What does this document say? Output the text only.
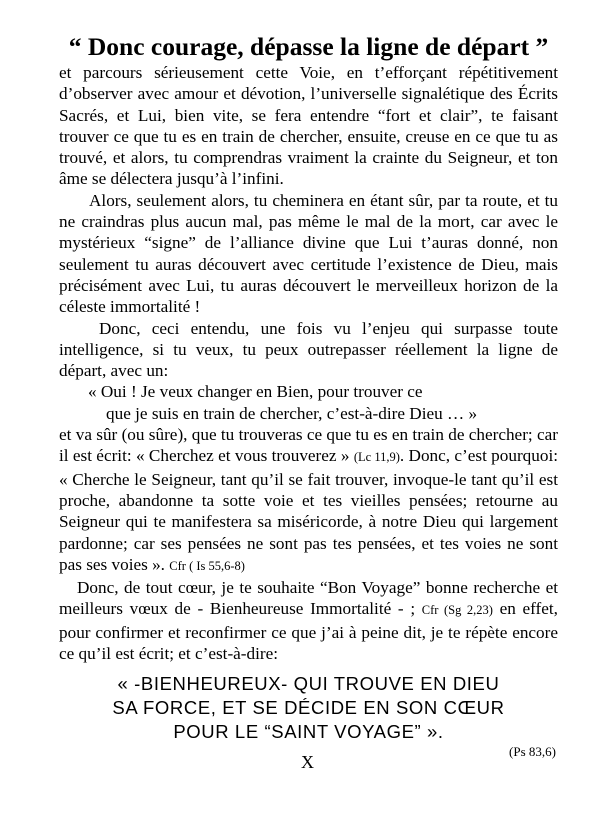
“ Donc courage, dépasse la ligne de départ ”

et parcours sérieusement cette Voie, en t’efforçant répétitivement d’observer avec amour et dévotion, l’universelle signalétique des Écrits Sacrés, et Lui, bien vite, se fera entendre “fort et clair”, te faisant trouver ce que tu es en train de chercher, ensuite, creuse en ce que tu as trouvé, et alors, tu comprendras vraiment la crainte du Seigneur, et ton âme se délectera jusqu’à l’infini.

Alors, seulement alors, tu cheminera en étant sûr, par ta route, et tu ne craindras plus aucun mal, pas même le mal de la mort, car avec le mystérieux “signe” de l’alliance divine que Lui t’auras donné, non seulement tu auras découvert avec certitude l’existence de Dieu, mais précisément avec Lui, tu auras découvert le merveilleux horizon de la céleste immortalité !

Donc, ceci entendu, une fois vu l’enjeu qui surpasse toute intelligence, si tu veux, tu peux outrepasser réellement la ligne de départ, avec un:

« Oui ! Je veux changer en Bien, pour trouver ce
que je suis en train de chercher, c’est-à-dire Dieu … »

et va sûr (ou sûre), que tu trouveras ce que tu es en train de chercher; car il est écrit: « Cherchez et vous trouverez » (Lc 11,9). Donc, c’est pourquoi: « Cherche le Seigneur, tant qu’il se fait trouver, invoque-le tant qu’il est proche, abandonne ta sotte voie et tes vieilles pensées; retourne au Seigneur qui te manifestera sa miséricorde, à notre Dieu qui largement pardonne; car ses pensées ne sont pas tes pensées, et tes voies ne sont pas ses voies ». Cfr ( Is 55,6-8)

Donc, de tout cœur, je te souhaite “Bon Voyage” bonne recherche et meilleurs vœux de - Bienheureuse Immortalité - ; Cfr (Sg 2,23) en effet, pour confirmer et reconfirmer ce que j’ai à peine dit, je te répète encore ce qu’il est écrit; et c’est-à-dire:

« -BIENHEUREUX- QUI TROUVE EN DIEU
SA FORCE, ET SE DÉCIDE EN SON CŒUR
POUR LE “SAINT VOYAGE” ».
X
(Ps 83,6)
